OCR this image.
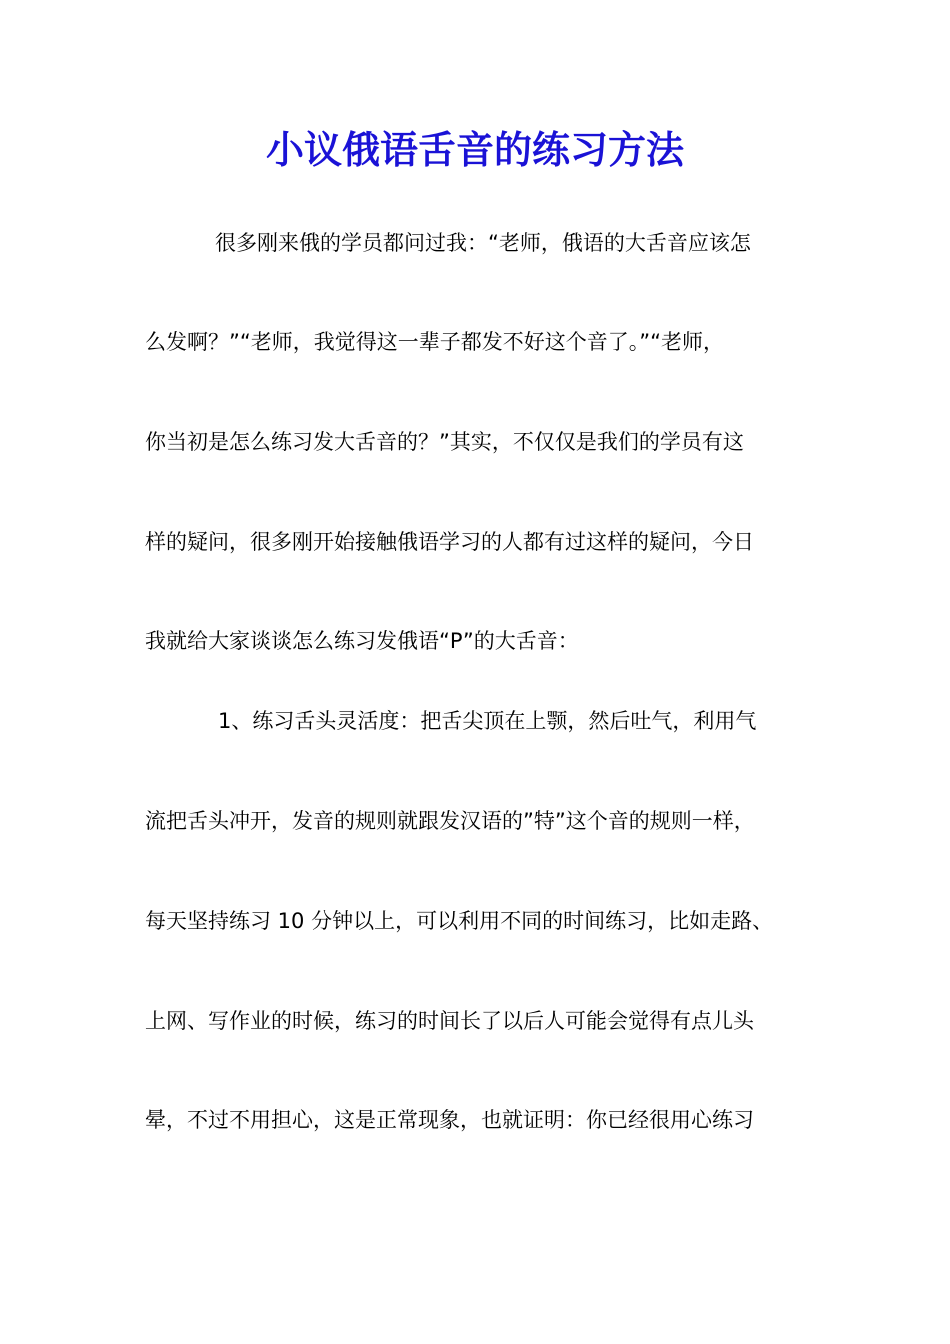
小议俄语舌音的练习方法

很多刚来俄的学员都问过我：“老师，俄语的大舌音应该怎

么发啊？”“老师，我觉得这一辈子都发不好这个音了。”“老师，

你当初是怎么练习发大舌音的？”其实，不仅仅是我们的学员有这

样的疑问，很多刚开始接触俄语学习的人都有过这样的疑问，今日

我就给大家谈谈怎么练习发俄语“P”的大舌音：

1、练习舌头灵活度：把舌尖顶在上颚，然后吐气，利用气

流把舌头冲开，发音的规则就跟发汉语的”特”这个音的规则一样，

每天坚持练习 10 分钟以上，可以利用不同的时间练习，比如走路、

上网、写作业的时候，练习的时间长了以后人可能会觉得有点儿头

晕，不过不用担心，这是正常现象，也就证明：你已经很用心练习
